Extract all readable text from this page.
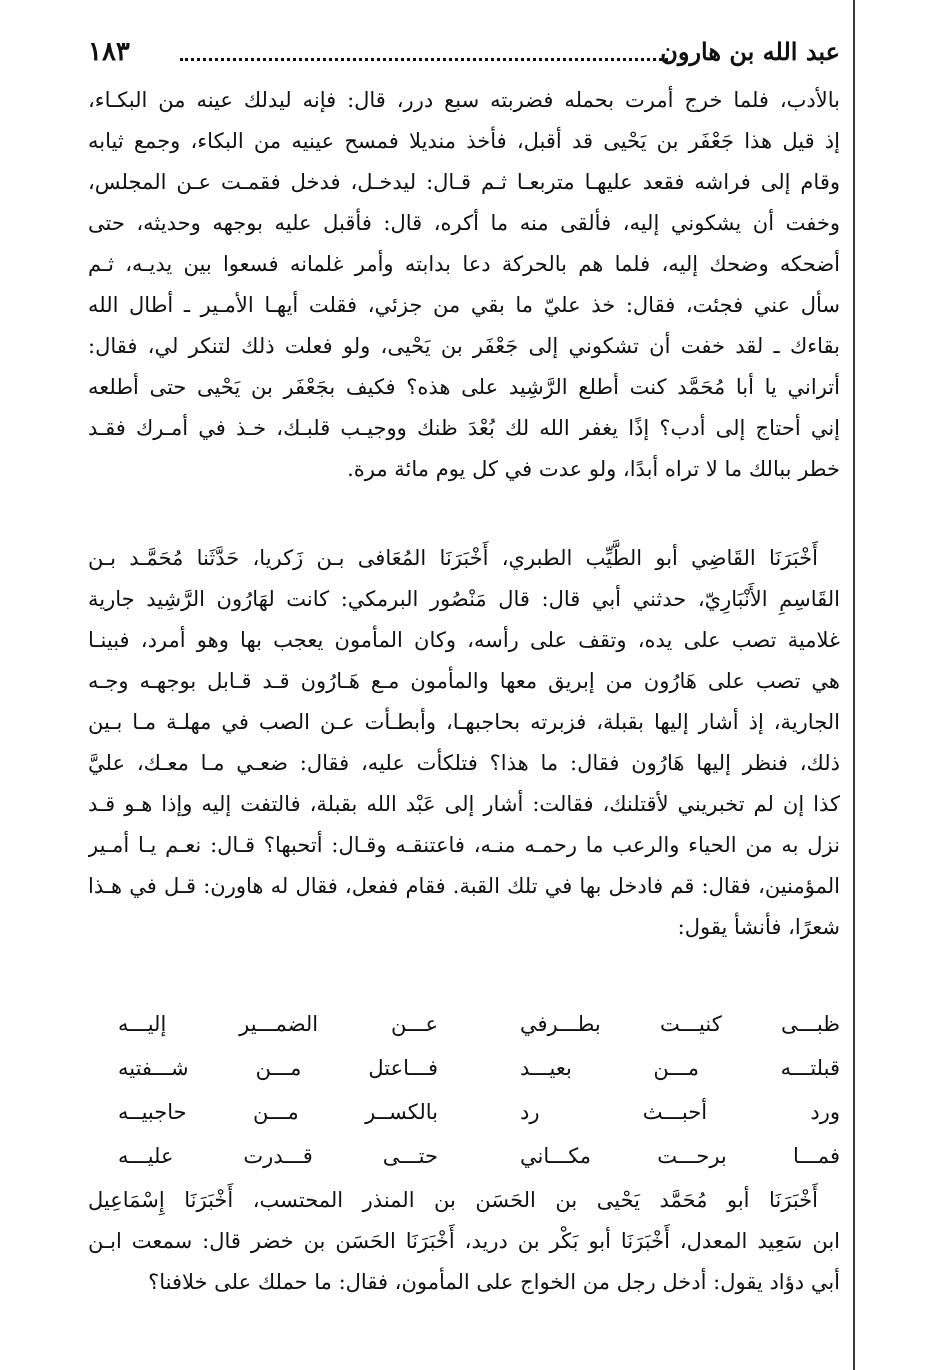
عبد الله بن هارون
١٨٣
بالأدب، فلما خرج أمرت بحمله فضربته سبع درر، قال: فإنه ليدلك عينه من البكـاء،
إذ قيل هذا جَعْفَر بن يَحْيى قد أقبل، فأخذ منديلا فمسح عينيه من البكاء، وجمع ثيابه
وقام إلى فراشه فقعد عليهـا متربعـا ثـم قـال: ليدخـل، فدخل فقمـت عـن المجلس،
وخفت أن يشكوني إليه، فألقى منه ما أكره، قال: فأقبل عليه بوجهه وحديثه، حتى
أضحكه وضحك إليه، فلما هم بالحركة دعا بدابته وأمر غلمانه فسعوا بين يديـه، ثـم
سأل عني فجئت، فقال: خذ عليّ ما بقي من جزئي، فقلت أيهـا الأمـير ـ أطال الله
بقاءك ـ لقد خفت أن تشكوني إلى جَعْفَر بن يَحْيى، ولو فعلت ذلك لتنكر لي، فقال:
أتراني يا أبا مُحَمَّد كنت أطلع الرَّشِيد على هذه؟ فكيف بجَعْفَر بن يَحْيى حتى أطلعه
إني أحتاج إلى أدب؟ إذًا يغفر الله لك بُعْدَ ظنك ووجيـب قلبـك، خـذ في أمـرك فقـد
خطر ببالك ما لا تراه أبدًا، ولو عدت في كل يوم مائة مرة.
أَخْبَرَنَا القَاضِي أبو الطَّيِّب الطبري، أَخْبَرَنَا المُعَافى بـن زَكريا، حَدَّثَنا مُحَمَّـد بـن
القَاسِمِ الأَنْبَارِيّ، حدثني أبي قال: قال مَنْصُور البرمكي: كانت لهَارُون الرَّشِيد جارية
غلامية تصب على يده، وتقف على رأسه، وكان المأمون يعجب بها وهو أمرد، فبينـا
هي تصب على هَارُون من إبريق معها والمأمون مـع هَـارُون قـد قـابل بوجهـه وجـه
الجارية، إذ أشار إليها بقبلة، فزبرته بحاجبهـا، وأبطـأت عـن الصب في مهلـة مـا بـين
ذلك، فنظر إليها هَارُون فقال: ما هذا؟ فتلكأت عليه، فقال: ضعـي مـا معـك، عليَّ
كذا إن لم تخبريني لأقتلنك، فقالت: أشار إلى عَبْد الله بقبلة، فالتفت إليه وإذا هـو قـد
نزل به من الحياء والرعب ما رحمـه منـه، فاعتنقـه وقـال: أتحبها؟ قـال: نعـم يـا أمـير
المؤمنين، فقال: قم فادخل بها في تلك القبة. فقام ففعل، فقال له هاورن: قـل في هـذا
شعرًا، فأنشأ يقول:
ظبـــى كنيـــت بطـــرفي
عـــن الضمـــير إليـــه
قبلتـــه مـــن بعيـــد
فـــاعتل مـــن شـــفتيه
ورد أحبـــث رد
بالكســر مـــن حاجبيــه
فمـــا برحـــت مكـــاني
حتـــى قـــدرت عليـــه
أَخْبَرَنَا أبو مُحَمَّد يَحْيى بن الحَسَن بن المنذر المحتسب، أَخْبَرَنَا إِسْمَاعِيل
ابن سَعِيد المعدل، أَخْبَرَنَا أبو بَكْر بن دريد، أَخْبَرَنَا الحَسَن بن خضر قال: سمعت ابـن
أبي دؤاد يقول: أدخل رجل من الخواج على المأمون، فقال: ما حملك على خلافنا؟
